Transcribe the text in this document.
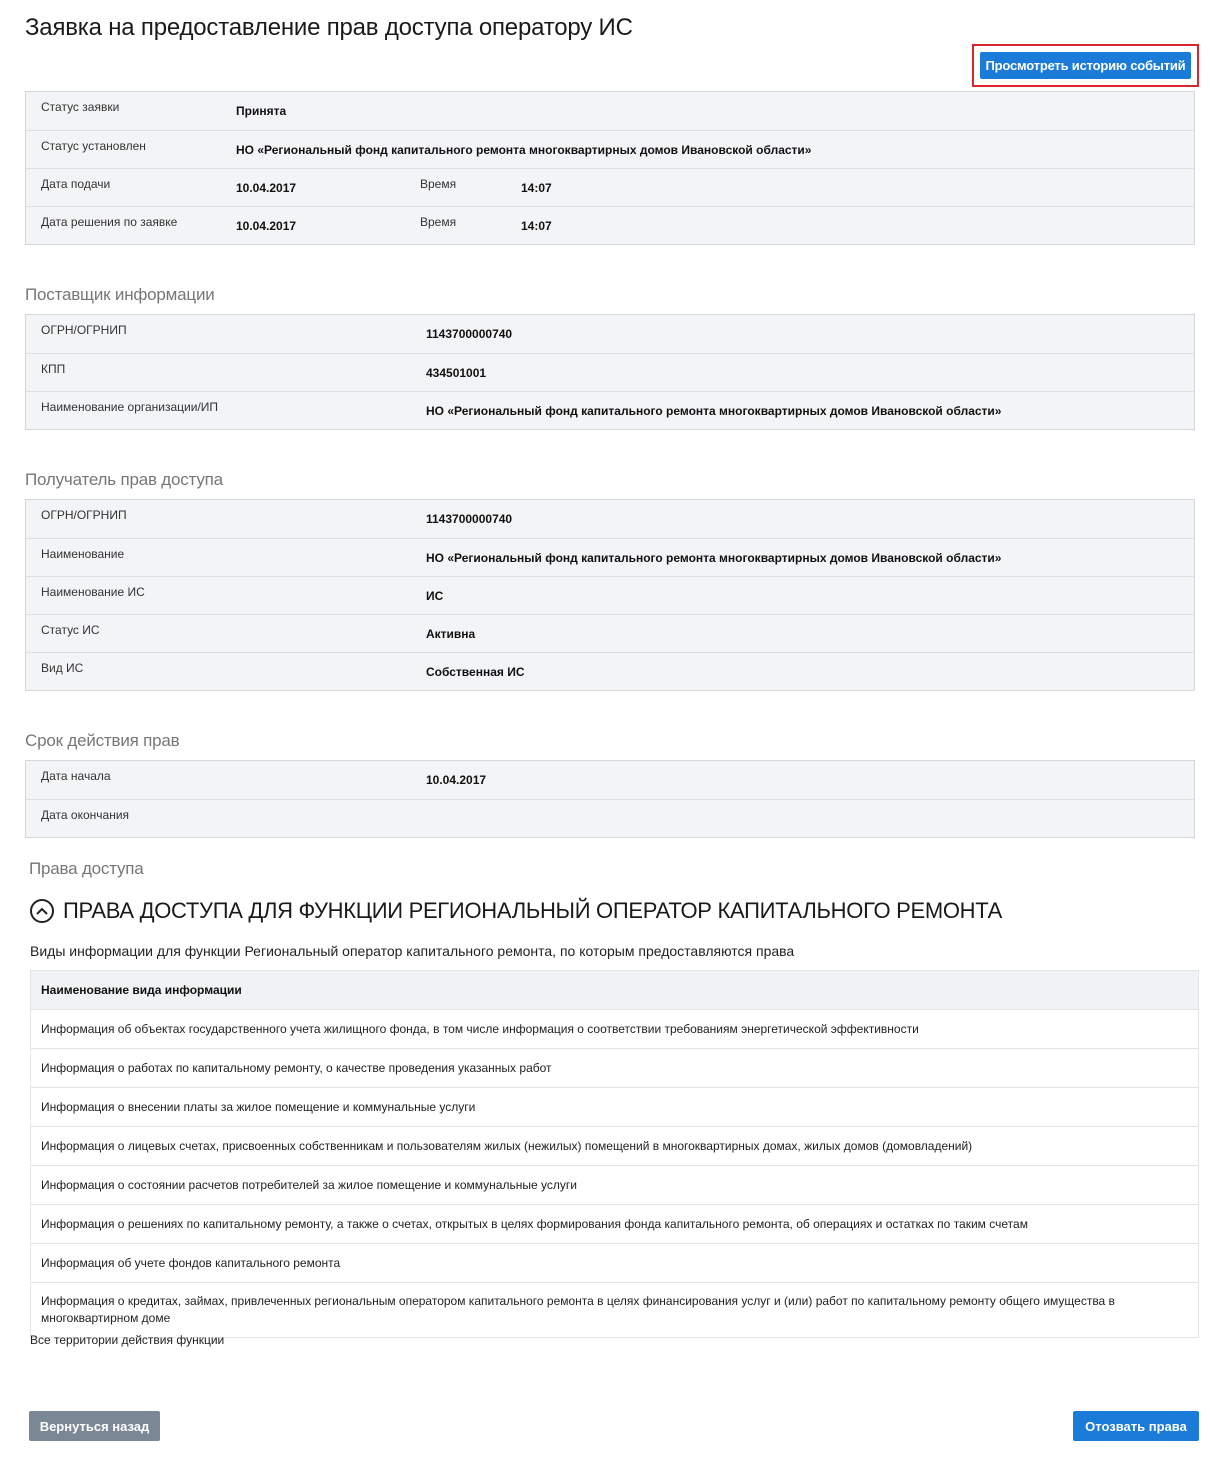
Заявка на предоставление прав доступа оператору ИС
Просмотреть историю событий
Статус заявки	Принята
Статус установлен	НО «Региональный фонд капитального ремонта многоквартирных домов Ивановской области»
Дата подачи	10.04.2017	Время	14:07
Дата решения по заявке	10.04.2017	Время	14:07
Поставщик информации
ОГРН/ОГРНИП	1143700000740
КПП	434501001
Наименование организации/ИП	НО «Региональный фонд капитального ремонта многоквартирных домов Ивановской области»
Получатель прав доступа
ОГРН/ОГРНИП	1143700000740
Наименование	НО «Региональный фонд капитального ремонта многоквартирных домов Ивановской области»
Наименование ИС	ИС
Статус ИС	Активна
Вид ИС	Собственная ИС
Срок действия прав
Дата начала	10.04.2017
Дата окончания
Права доступа
ПРАВА ДОСТУПА ДЛЯ ФУНКЦИИ РЕГИОНАЛЬНЫЙ ОПЕРАТОР КАПИТАЛЬНОГО РЕМОНТА
Виды информации для функции Региональный оператор капитального ремонта, по которым предоставляются права
Наименование вида информации
Информация об объектах государственного учета жилищного фонда, в том числе информация о соответствии требованиям энергетической эффективности
Информация о работах по капитальному ремонту, о качестве проведения указанных работ
Информация о внесении платы за жилое помещение и коммунальные услуги
Информация о лицевых счетах, присвоенных собственникам и пользователям жилых (нежилых) помещений в многоквартирных домах, жилых домов (домовладений)
Информация о состоянии расчетов потребителей за жилое помещение и коммунальные услуги
Информация о решениях по капитальному ремонту, а также о счетах, открытых в целях формирования фонда капитального ремонта, об операциях и остатках по таким счетам
Информация об учете фондов капитального ремонта
Информация о кредитах, займах, привлеченных региональным оператором капитального ремонта в целях финансирования услуг и (или) работ по капитальному ремонту общего имущества в многоквартирном доме
Все территории действия функции
Вернуться назад	Отозвать права
